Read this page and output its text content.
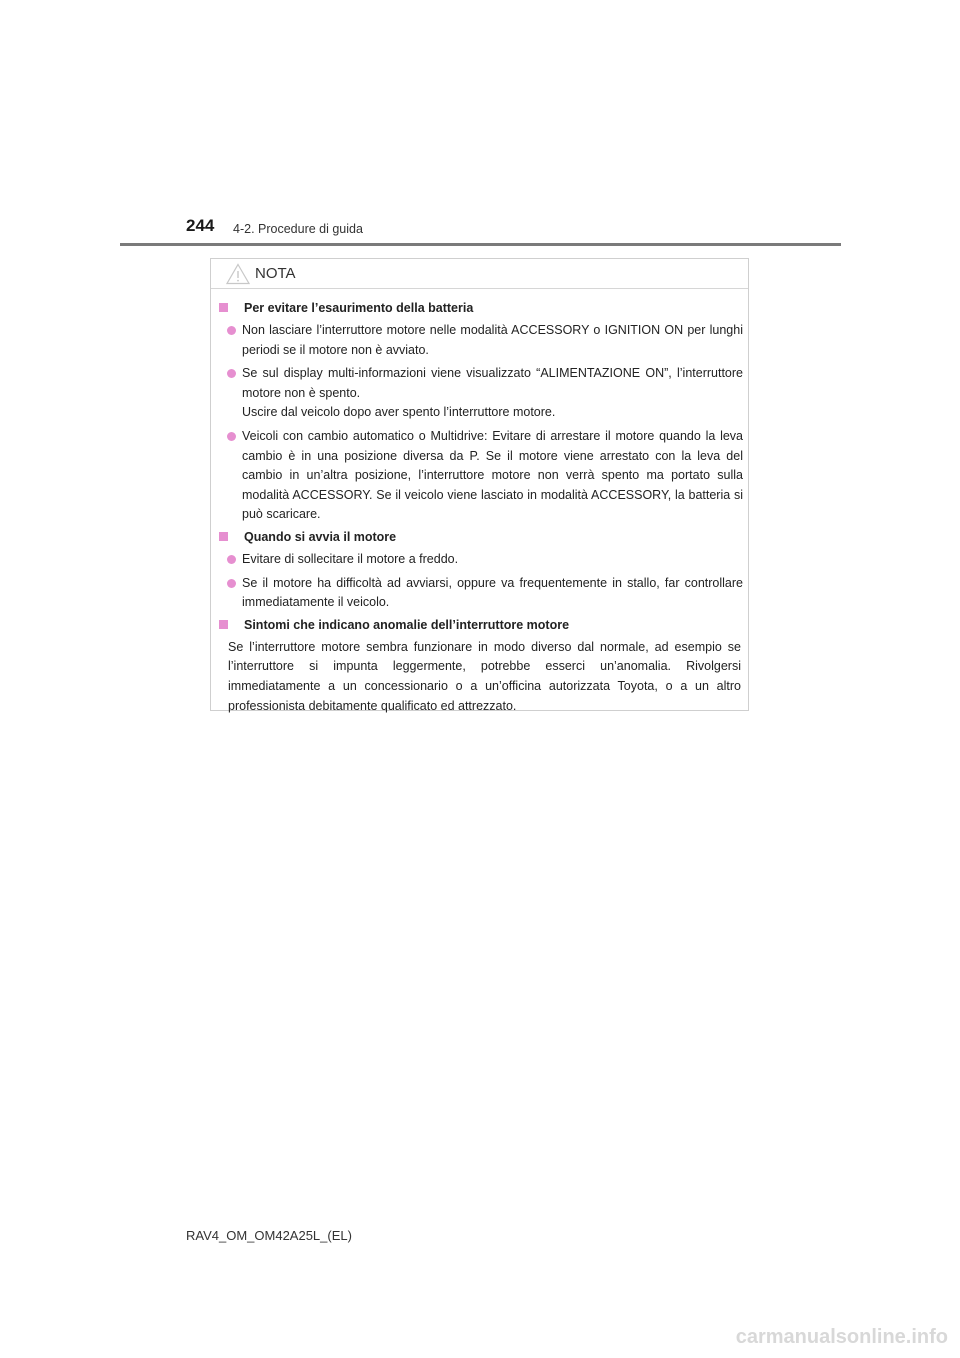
244 4-2. Procedure di guida
NOTA
Per evitare l’esaurimento della batteria
Non lasciare l’interruttore motore nelle modalità ACCESSORY o IGNITION ON per lunghi periodi se il motore non è avviato.
Se sul display multi-informazioni viene visualizzato “ALIMENTAZIONE ON”, l’interruttore motore non è spento.
Uscire dal veicolo dopo aver spento l’interruttore motore.
Veicoli con cambio automatico o Multidrive: Evitare di arrestare il motore quando la leva cambio è in una posizione diversa da P. Se il motore viene arrestato con la leva del cambio in un’altra posizione, l’interruttore motore non verrà spento ma portato sulla modalità ACCESSORY. Se il veicolo viene lasciato in modalità ACCESSORY, la batteria si può scaricare.
Quando si avvia il motore
Evitare di sollecitare il motore a freddo.
Se il motore ha difficoltà ad avviarsi, oppure va frequentemente in stallo, far controllare immediatamente il veicolo.
Sintomi che indicano anomalie dell’interruttore motore
Se l’interruttore motore sembra funzionare in modo diverso dal normale, ad esempio se l’interruttore si impunta leggermente, potrebbe esserci un’anomalia. Rivolgersi immediatamente a un concessionario o a un’officina autorizzata Toyota, o a un altro professionista debitamente qualificato ed attrezzato.
RAV4_OM_OM42A25L_(EL)
carmanualsonline.info
